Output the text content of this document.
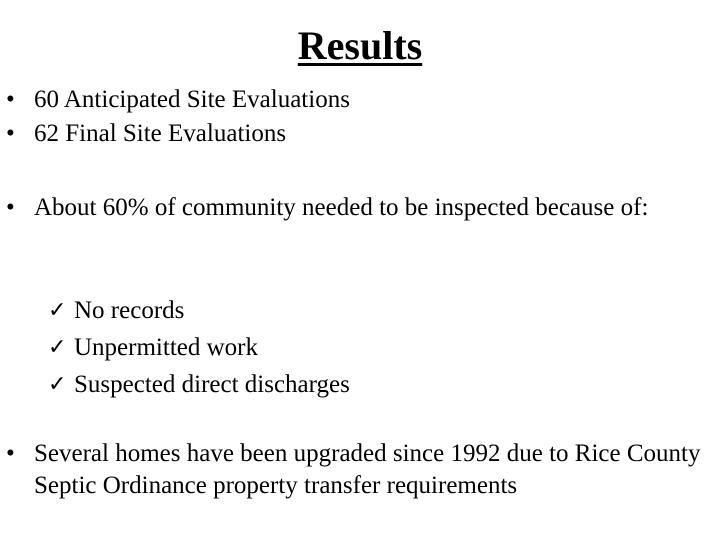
Results
• 60 Anticipated Site Evaluations
• 62 Final Site Evaluations
• About 60% of community needed to be inspected because of:
✓ No records
✓ Unpermitted work
✓ Suspected direct discharges
• Several homes have been upgraded since 1992 due to Rice County Septic Ordinance property transfer requirements
